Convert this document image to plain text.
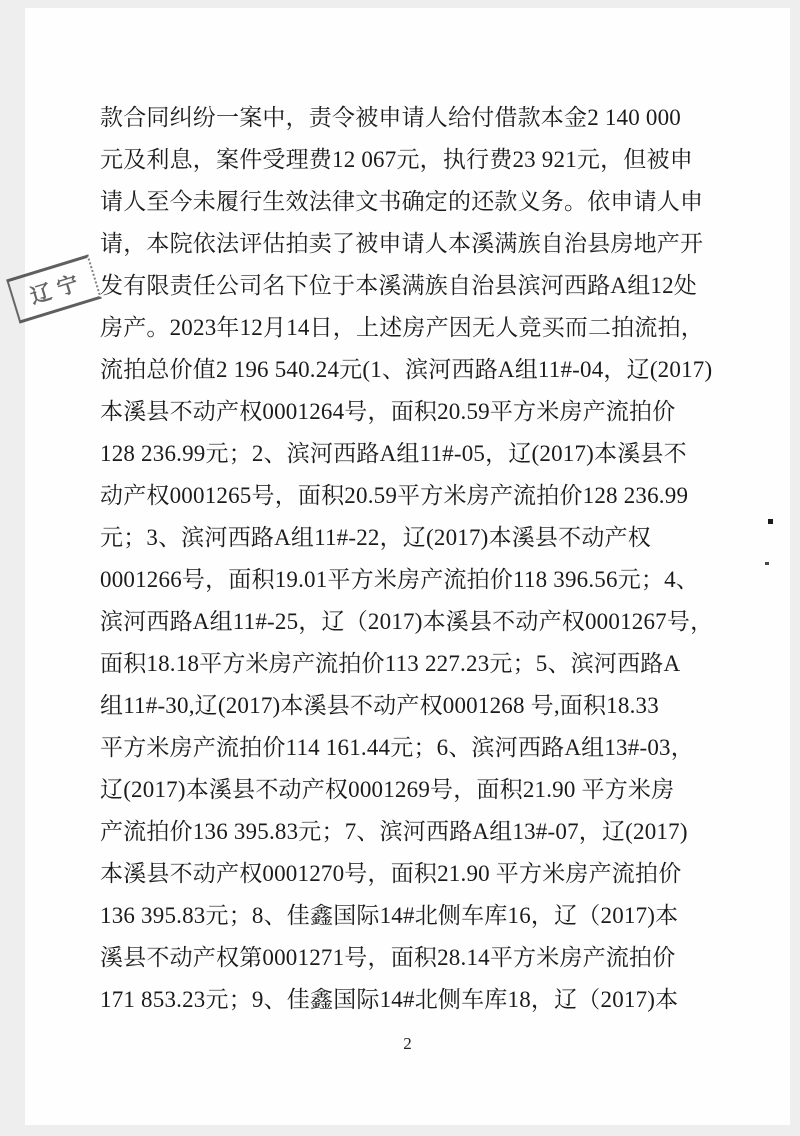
辽宁
款合同纠纷一案中，责令被申请人给付借款本金2 140 000
元及利息，案件受理费12 067元，执行费23 921元，但被申
请人至今未履行生效法律文书确定的还款义务。依申请人申
请，本院依法评估拍卖了被申请人本溪满族自治县房地产开
发有限责任公司名下位于本溪满族自治县滨河西路A组12处
房产。2023年12月14日，上述房产因无人竞买而二拍流拍，
流拍总价值2 196 540.24元(1、滨河西路A组11#-04，辽(2017)
本溪县不动产权0001264号，面积20.59平方米房产流拍价
128 236.99元；2、滨河西路A组11#-05，辽(2017)本溪县不
动产权0001265号，面积20.59平方米房产流拍价128 236.99
元；3、滨河西路A组11#-22，辽(2017)本溪县不动产权
0001266号，面积19.01平方米房产流拍价118 396.56元；4、
滨河西路A组11#-25，辽（2017)本溪县不动产权0001267号，
面积18.18平方米房产流拍价113 227.23元；5、滨河西路A
组11#-30,辽(2017)本溪县不动产权0001268 号,面积18.33
平方米房产流拍价114 161.44元；6、滨河西路A组13#-03，
辽(2017)本溪县不动产权0001269号，面积21.90 平方米房
产流拍价136 395.83元；7、滨河西路A组13#-07，辽(2017)
本溪县不动产权0001270号，面积21.90 平方米房产流拍价
136 395.83元；8、佳鑫国际14#北侧车库16，辽（2017)本
溪县不动产权第0001271号，面积28.14平方米房产流拍价
171 853.23元；9、佳鑫国际14#北侧车库18，辽（2017)本
2
